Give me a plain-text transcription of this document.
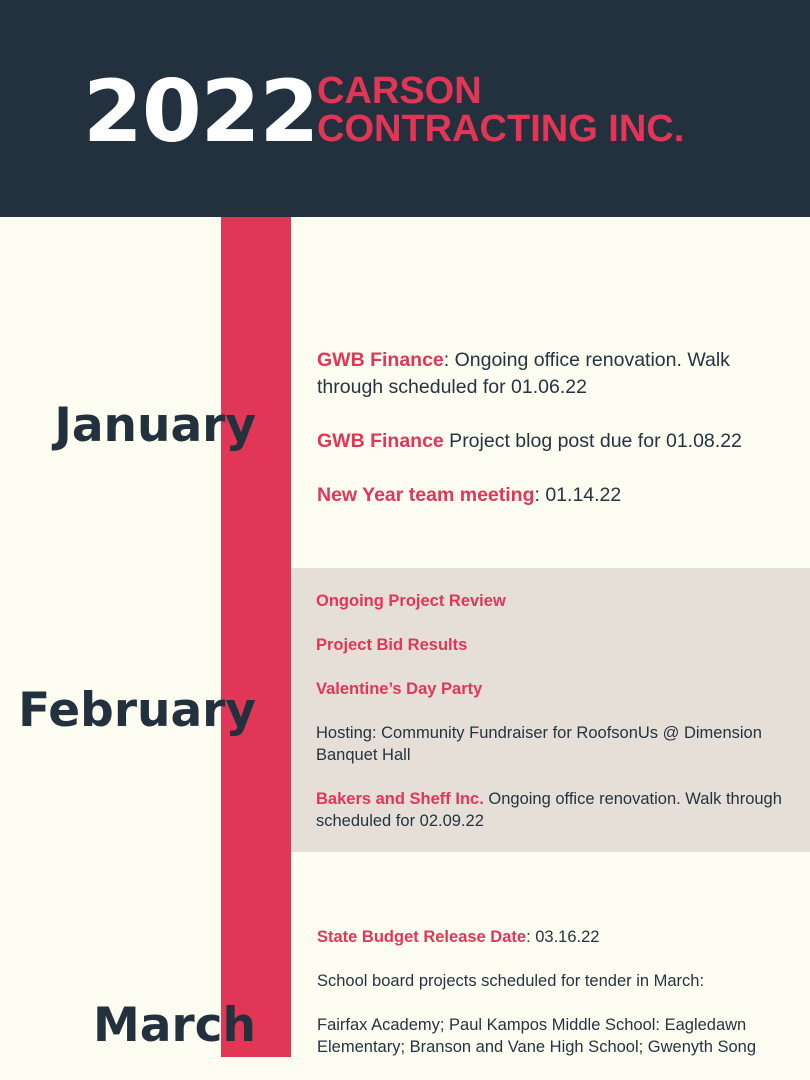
2022
CARSON
CONTRACTING INC.
January
February
March

GWB Finance: Ongoing office renovation. Walk through scheduled for 01.06.22

GWB Finance Project blog post due for 01.08.22

New Year team meeting: 01.14.22

Ongoing Project Review

Project Bid Results

Valentine’s Day Party

Hosting: Community Fundraiser for RoofsonUs @ Dimension Banquet Hall

Bakers and Sheff Inc. Ongoing office renovation. Walk through scheduled for 02.09.22

State Budget Release Date: 03.16.22

School board projects scheduled for tender in March:

Fairfax Academy; Paul Kampos Middle School: Eagledawn Elementary; Branson and Vane High School; Gwenyth Song
